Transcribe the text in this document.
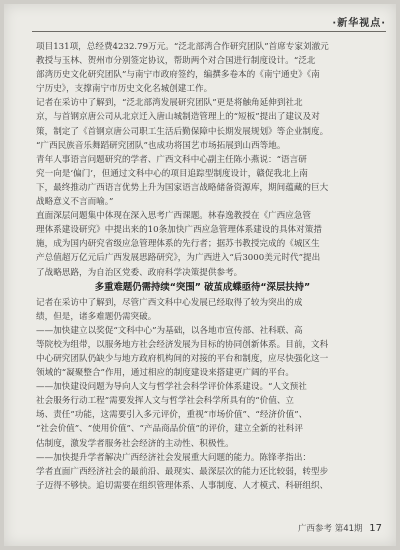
·新华视点·

项目131项，总经费4232.79万元。“泛北部湾合作研究团队”首席专家刘澈元
教授与玉林、贺州市分别签定协议，帮助两个对合国进行制度设计。“泛北
部湾历史文化研究团队”与南宁市政府签约，编撰多卷本的《南宁通史》《南
宁历史》，支撑南宁市历史文化名城创建工作。

记者在采访中了解到，“泛北部湾发展研究团队”更是将触角延伸到社北
京，与首钢京唐公司从北京迁入唐山城制造管理上的“短板”提出了建议及对
策，制定了《首钢京唐公司职工生活后勤保障中长期发展规划》等企业制度。
“广西民族音乐舞蹈研究团队”也成功将国艺市场拓展到山西等地。

青年人事语言问题研究的学者、广西文科中心副主任陈小燕说：“语言研
究一向是‘偏门’，但通过文科中心的项目追踪型制度设计，赣促我北上南
下，最终推动广西语言优势上升为国家语言战略储备资源库，期间蕴藏的巨大
战略意义不言而喻。”

直面深层问题集中体现在深入思考广西课题。林春逸教授在《广西应急管
理体系建设研究》中提出来的10条加快广西应急管理体系建设的具体对策措
施，成为国内研究省级应急管理体系的先行者；据苏书教授完成的《城区生
产总值超万亿元后广西发展思路研究》，为广西进入“后3000美元时代”提出
了战略思路，为自治区党委、政府科学决策提供参考。

多重难题仍需持续“突围” 破茧成蝶亟待“深层扶持”

记者在采访中了解到，尽管广西文科中心发展已经取得了较为突出的成
绩，但是，诸多难题仍需突破。

——加快建立以奖促“文科中心”为基础，以各地市宣传部、社科联、高
等院校为组带，以服务地方社会经济发展为目标的协同创新体系。目前，文科
中心研究团队仍缺少与地方政府机构间的对接的平台和制度，应尽快强化这一
领域的“凝聚整合”作用，通过相应的制度建设来搭建更广阔的平台。

——加快建设问题为导向人文与哲学社会科学评价体系建设。“人文预社
社会服务行动工程”需要发挥人文与哲学社会科学所具有的“价值、立
场、责任”功能，这需要引入多元评价，重视“市场价值”、“经济价值”、
“社会价值”、“使用价值”、“产品商品价值”的评价，建立全新的社科评
估制度，激发学者服务社会经济的主动性、积极性。

——加快提升学者解决广西经济社会发展重大问题的能力。陈锋孝指出：
学者直面广西经济社会的最前沿、最现实、最深层次的能力还比较弱，转型步
子迈得不够快。追切需要在组织管理体系、人事制度、人才模式、科研组织、

广西参考 第41期 17
